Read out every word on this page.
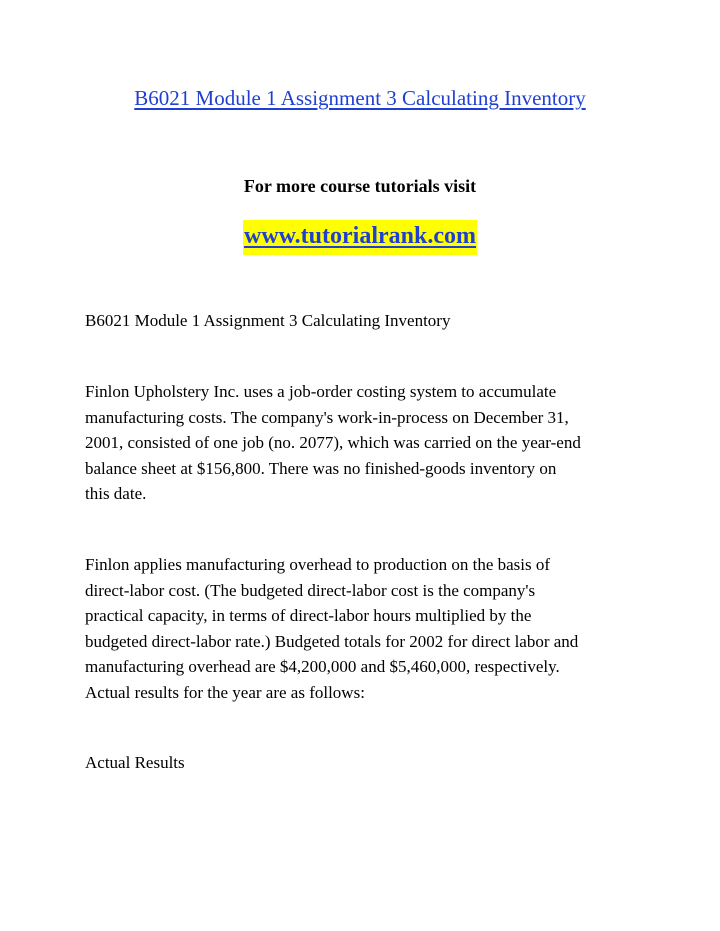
B6021 Module 1 Assignment 3 Calculating Inventory
For more course tutorials visit
www.tutorialrank.com
B6021 Module 1 Assignment 3 Calculating Inventory
Finlon Upholstery Inc. uses a job-order costing system to accumulate
manufacturing costs. The company's work-in-process on December 31,
2001, consisted of one job (no. 2077), which was carried on the year-end
balance sheet at $156,800. There was no finished-goods inventory on
this date.
Finlon applies manufacturing overhead to production on the basis of
direct-labor cost. (The budgeted direct-labor cost is the company's
practical capacity, in terms of direct-labor hours multiplied by the
budgeted direct-labor rate.) Budgeted totals for 2002 for direct labor and
manufacturing overhead are $4,200,000 and $5,460,000, respectively.
Actual results for the year are as follows:
Actual Results
